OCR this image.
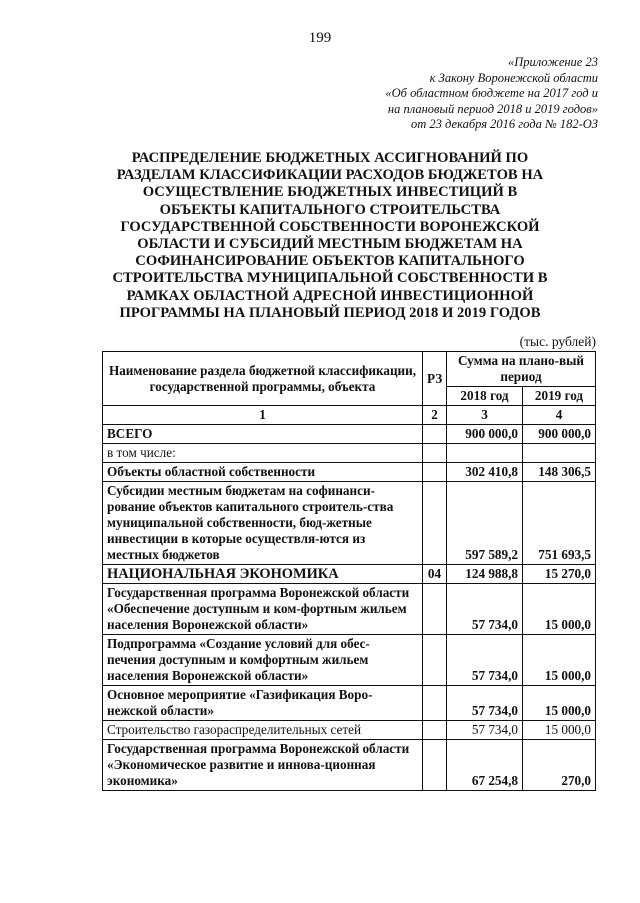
199
«Приложение 23
к Закону Воронежской области
«Об областном бюджете на 2017 год и
на плановый период 2018 и 2019 годов»
от 23 декабря 2016 года № 182-ОЗ
РАСПРЕДЕЛЕНИЕ БЮДЖЕТНЫХ АССИГНОВАНИЙ ПО
РАЗДЕЛАМ КЛАССИФИКАЦИИ РАСХОДОВ БЮДЖЕТОВ НА
ОСУЩЕСТВЛЕНИЕ БЮДЖЕТНЫХ ИНВЕСТИЦИЙ В
ОБЪЕКТЫ КАПИТАЛЬНОГО СТРОИТЕЛЬСТВА
ГОСУДАРСТВЕННОЙ СОБСТВЕННОСТИ ВОРОНЕЖСКОЙ
ОБЛАСТИ И СУБСИДИЙ МЕСТНЫМ БЮДЖЕТАМ НА
СОФИНАНСИРОВАНИЕ ОБЪЕКТОВ КАПИТАЛЬНОГО
СТРОИТЕЛЬСТВА МУНИЦИПАЛЬНОЙ СОБСТВЕННОСТИ В
РАМКАХ ОБЛАСТНОЙ АДРЕСНОЙ ИНВЕСТИЦИОННОЙ
ПРОГРАММЫ НА ПЛАНОВЫЙ ПЕРИОД 2018 И 2019 ГОДОВ
(тыс. рублей)
Наименование раздела бюджетной классификации, государственной программы, объекта	РЗ	Сумма на плано-вый период	
		2018 год	2019 год
1	2	3	4
ВСЕГО		900 000,0	900 000,0
в том числе:			
Объекты областной собственности		302 410,8	148 306,5
Субсидии местным бюджетам на софинанси-рование объектов капитального строитель-ства муниципальной собственности, бюд-жетные инвестиции в которые осуществля-ются из местных бюджетов		597 589,2	751 693,5
НАЦИОНАЛЬНАЯ ЭКОНОМИКА	04	124 988,8	15 270,0
Государственная программа Воронежской области «Обеспечение доступным и ком-фортным жильем населения Воронежской области»		57 734,0	15 000,0
Подпрограмма «Создание условий для обес-печения доступным и комфортным жильем населения Воронежской области»		57 734,0	15 000,0
Основное мероприятие «Газификация Воро-нежской области»		57 734,0	15 000,0
Строительство газораспределительных сетей		57 734,0	15 000,0
Государственная программа Воронежской области «Экономическое развитие и иннова-ционная экономика»		67 254,8	270,0
